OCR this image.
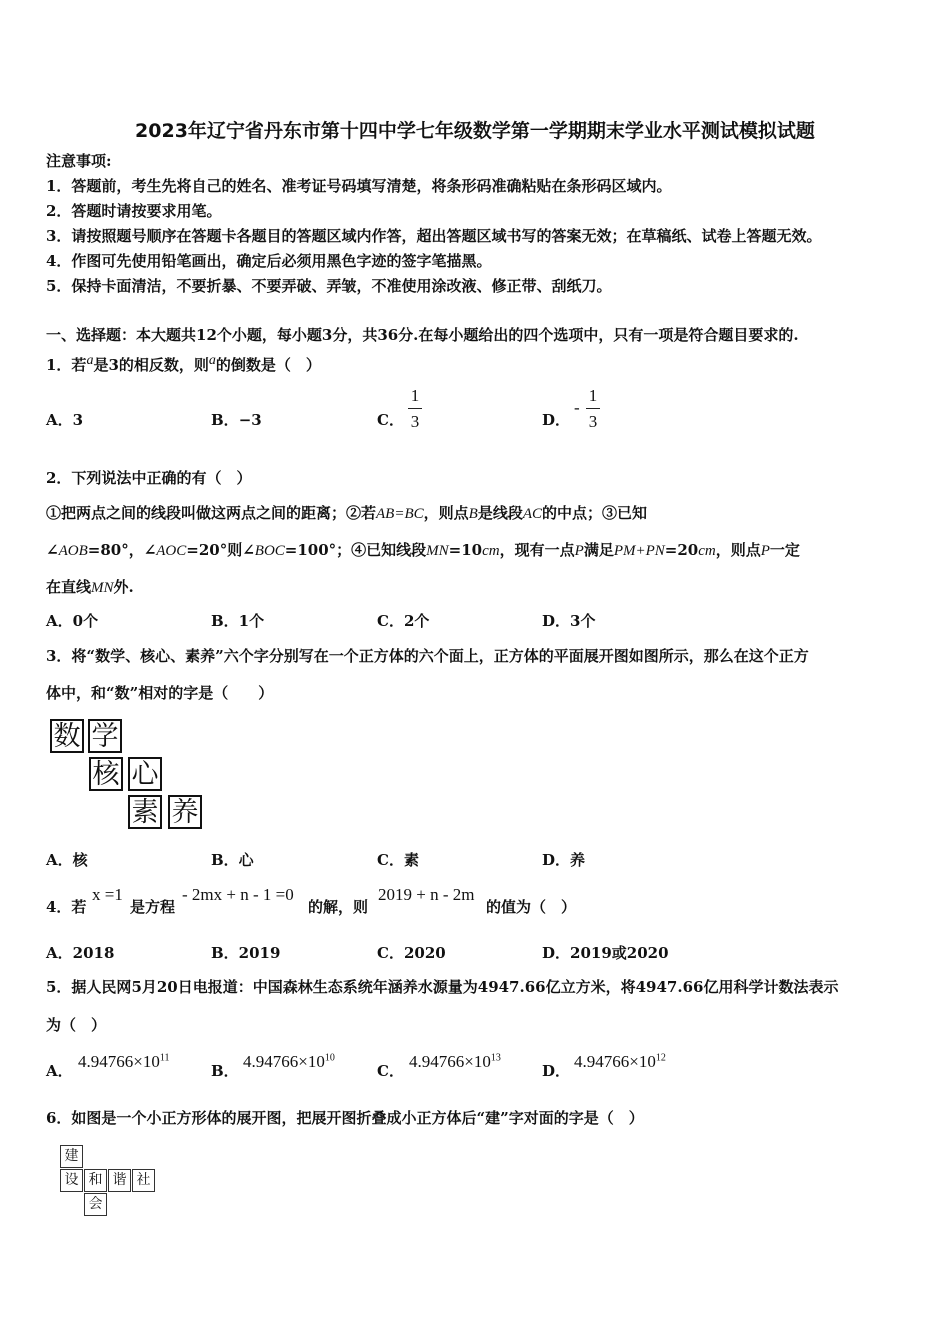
2023年辽宁省丹东市第十四中学七年级数学第一学期期末学业水平测试模拟试题
注意事项:
1．答题前，考生先将自己的姓名、准考证号码填写清楚，将条形码准确粘贴在条形码区域内。
2．答题时请按要求用笔。
3．请按照题号顺序在答题卡各题目的答题区域内作答，超出答题区域书写的答案无效；在草稿纸、试卷上答题无效。
4．作图可先使用铅笔画出，确定后必须用黑色字迹的签字笔描黑。
5．保持卡面清洁，不要折暴、不要弄破、弄皱，不准使用涂改液、修正带、刮纸刀。
一、选择题：本大题共12个小题，每小题3分，共36分.在每小题给出的四个选项中，只有一项是符合题目要求的.
1．若$^a$是3的相反数，则$^a$的倒数是（　）
A．3	B．−3	C．
1
3	D．
-
1
3
2．下列说法中正确的有（　）
①把两点之间的线段叫做这两点之间的距离；②若AB=BC，则点B是线段AC的中点；③已知
∠AOB=80°，∠AOC=20°则∠BOC=100°；④已知线段MN=10cm，现有一点P满足PM+PN=20cm，则点P一定
在直线MN外.
A．0个	B．1个	C．2个	D．3个
3．将“数学、核心、素养”六个字分别写在一个正方体的六个面上，正方体的平面展开图如图所示，那么在这个正方
体中，和“数”相对的字是（　　）
数 学
核 心
素 养
A．核	B．心	C．素	D．养
4．若
x =1
是方程
- 2mx + n - 1 =0
的解，则
2019 + n - 2m
的值为（　）
A．2018	B．2019	C．2020	D．2019或2020
5．据人民网5月20日电报道：中国森林生态系统年涵养水源量为4947.66亿立方米，将4947.66亿用科学计数法表示
为（　）
A． $4.94766\times 10^{11}$
B． $4.94766\times 10^{10}$
C． $4.94766\times 10^{13}$
D． $4.94766\times 10^{12}$
6．如图是一个小正方形体的展开图，把展开图折叠成小正方体后“建”字对面的字是（　）
建
设 和 谐 社
会
